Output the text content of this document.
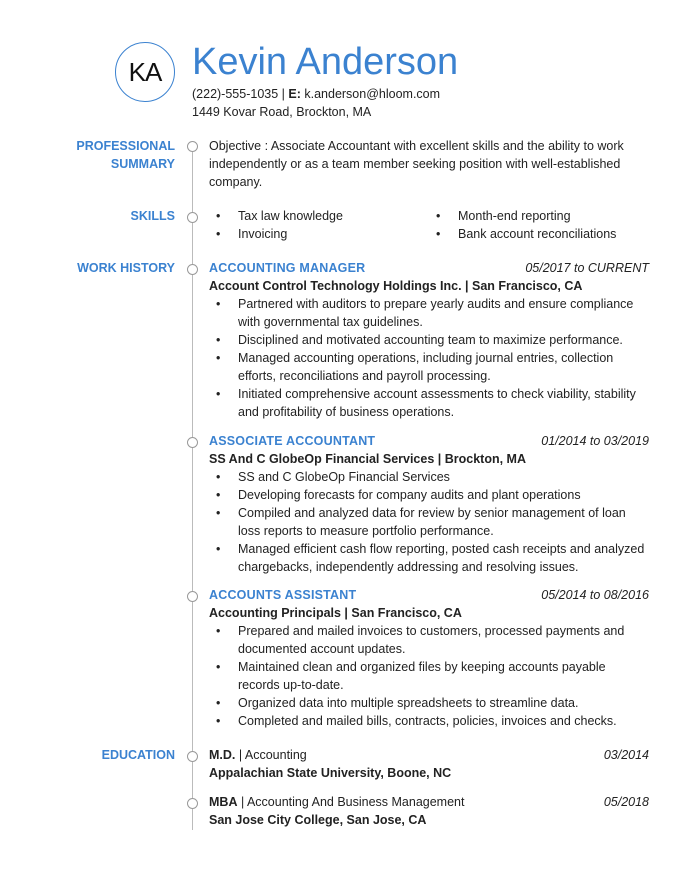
KA Kevin Anderson
(222)-555-1035 | E: k.anderson@hloom.com
1449 Kovar Road, Brockton, MA
PROFESSIONAL
SUMMARY
SKILLS
WORK HISTORY
EDUCATION

Objective : Associate Accountant with excellent skills and the ability to work independently or as a team member seeking position with well-established company.

• Tax law knowledge
• Invoicing
• Month-end reporting
• Bank account reconciliations
ACCOUNTING MANAGER	05/2017 to CURRENT
Account Control Technology Holdings Inc. | San Francisco, CA
• Partnered with auditors to prepare yearly audits and ensure compliance with governmental tax guidelines.
• Disciplined and motivated accounting team to maximize performance.
• Managed accounting operations, including journal entries, collection efforts, reconciliations and payroll processing.
• Initiated comprehensive account assessments to check viability, stability and profitability of business operations.
ASSOCIATE ACCOUNTANT	01/2014 to 03/2019
SS And C GlobeOp Financial Services | Brockton, MA
• SS and C GlobeOp Financial Services
• Developing forecasts for company audits and plant operations
• Compiled and analyzed data for review by senior management of loan loss reports to measure portfolio performance.
• Managed efficient cash flow reporting, posted cash receipts and analyzed chargebacks, independently addressing and resolving issues.
ACCOUNTS ASSISTANT	05/2014 to 08/2016
Accounting Principals | San Francisco, CA
• Prepared and mailed invoices to customers, processed payments and documented account updates.
• Maintained clean and organized files by keeping accounts payable records up-to-date.
• Organized data into multiple spreadsheets to streamline data.
• Completed and mailed bills, contracts, policies, invoices and checks.
M.D. | Accounting	03/2014
Appalachian State University, Boone, NC
MBA | Accounting And Business Management	05/2018
San Jose City College, San Jose, CA
